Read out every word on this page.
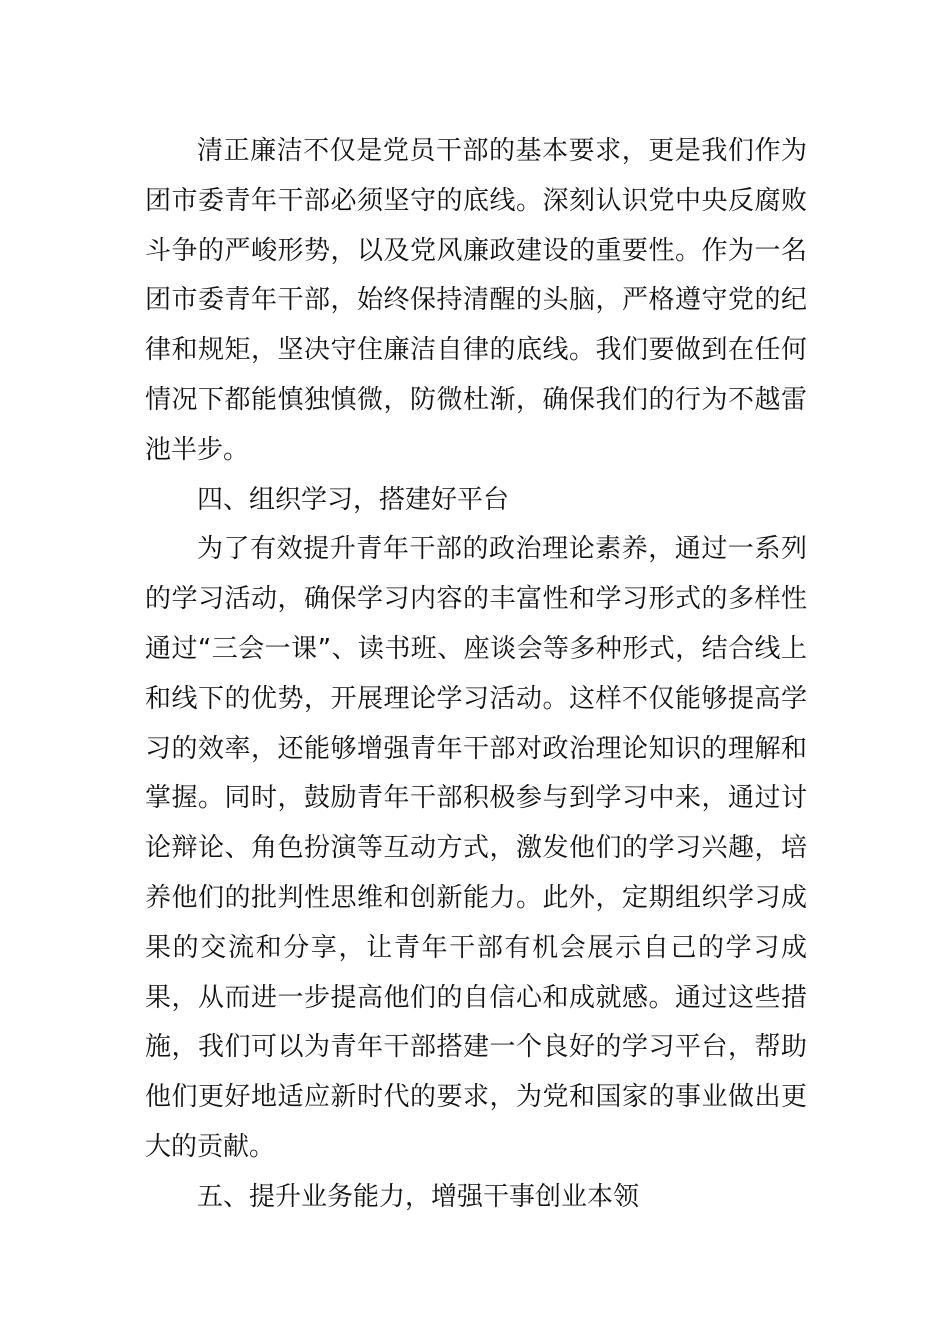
清正廉洁不仅是党员干部的基本要求，更是我们作为团市委青年干部必须坚守的底线。深刻认识党中央反腐败斗争的严峻形势，以及党风廉政建设的重要性。作为一名团市委青年干部，始终保持清醒的头脑，严格遵守党的纪律和规矩，坚决守住廉洁自律的底线。我们要做到在任何情况下都能慎独慎微，防微杜渐，确保我们的行为不越雷池半步。

四、组织学习，搭建好平台

为了有效提升青年干部的政治理论素养，通过一系列的学习活动，确保学习内容的丰富性和学习形式的多样性通过“三会一课”、读书班、座谈会等多种形式，结合线上和线下的优势，开展理论学习活动。这样不仅能够提高学习的效率，还能够增强青年干部对政治理论知识的理解和掌握。同时，鼓励青年干部积极参与到学习中来，通过讨论辩论、角色扮演等互动方式，激发他们的学习兴趣，培养他们的批判性思维和创新能力。此外，定期组织学习成果的交流和分享，让青年干部有机会展示自己的学习成果，从而进一步提高他们的自信心和成就感。通过这些措施，我们可以为青年干部搭建一个良好的学习平台，帮助他们更好地适应新时代的要求，为党和国家的事业做出更大的贡献。

五、提升业务能力，增强干事创业本领
